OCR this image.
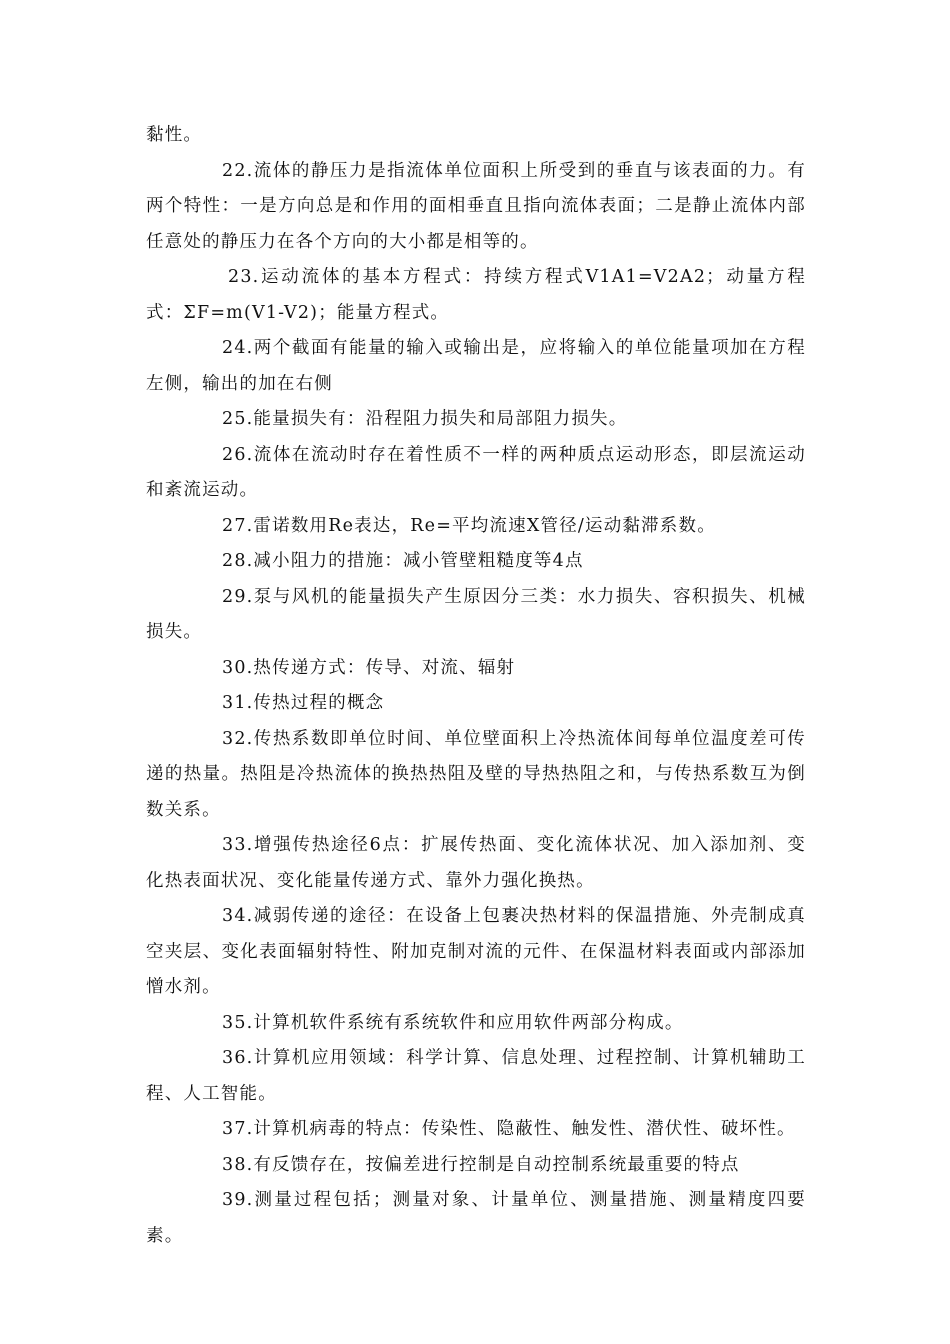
黏性。

22.流体的静压力是指流体单位面积上所受到的垂直与该表面的力。有两个特性：一是方向总是和作用的面相垂直且指向流体表面；二是静止流体内部任意处的静压力在各个方向的大小都是相等的。

23.运动流体的基本方程式：持续方程式V1A1=V2A2；动量方程式：ΣF=m(V1-V2)；能量方程式。

24.两个截面有能量的输入或输出是，应将输入的单位能量项加在方程左侧，输出的加在右侧

25.能量损失有：沿程阻力损失和局部阻力损失。

26.流体在流动时存在着性质不一样的两种质点运动形态，即层流运动和紊流运动。

27.雷诺数用Re表达，Re=平均流速X管径/运动黏滞系数。

28.减小阻力的措施：减小管壁粗糙度等4点

29.泵与风机的能量损失产生原因分三类：水力损失、容积损失、机械损失。

30.热传递方式：传导、对流、辐射

31.传热过程的概念

32.传热系数即单位时间、单位壁面积上冷热流体间每单位温度差可传递的热量。热阻是冷热流体的换热热阻及壁的导热热阻之和，与传热系数互为倒数关系。

33.增强传热途径6点：扩展传热面、变化流体状况、加入添加剂、变化热表面状况、变化能量传递方式、靠外力强化换热。

34.减弱传递的途径：在设备上包裹决热材料的保温措施、外壳制成真空夹层、变化表面辐射特性、附加克制对流的元件、在保温材料表面或内部添加憎水剂。

35.计算机软件系统有系统软件和应用软件两部分构成。

36.计算机应用领域：科学计算、信息处理、过程控制、计算机辅助工程、人工智能。

37.计算机病毒的特点：传染性、隐蔽性、触发性、潜伏性、破坏性。

38.有反馈存在，按偏差进行控制是自动控制系统最重要的特点

39.测量过程包括；测量对象、计量单位、测量措施、测量精度四要素。
